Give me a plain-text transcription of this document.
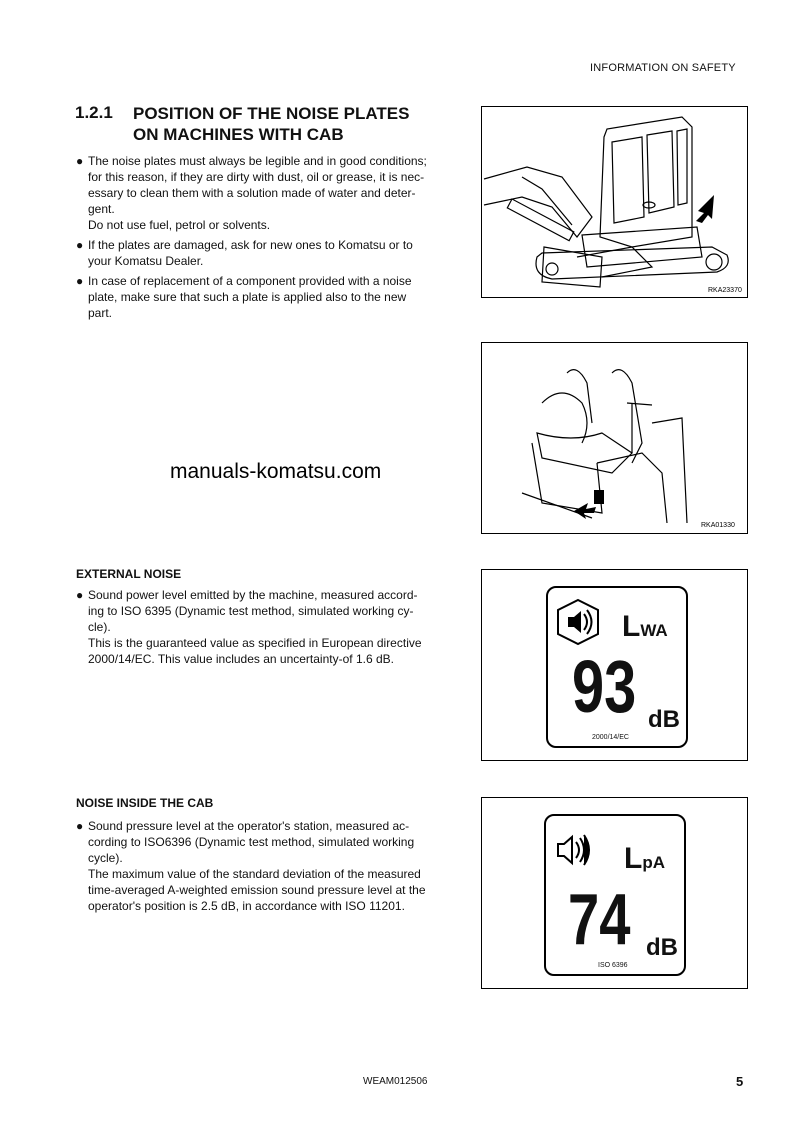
INFORMATION ON SAFETY
1.2.1 POSITION OF THE NOISE PLATES
ON MACHINES WITH CAB

● The noise plates must always be legible and in good conditions;
for this reason, if they are dirty with dust, oil or grease, it is nec-
essary to clean them with a solution made of water and deter-
gent.
Do not use fuel, petrol or solvents.

● If the plates are damaged, ask for new ones to Komatsu or to
your Komatsu Dealer.

● In case of replacement of a component provided with a noise
plate, make sure that such a plate is applied also to the new
part.

RKA23370
RKA01330
manuals-komatsu.com
EXTERNAL NOISE

● Sound power level emitted by the machine, measured accord-
ing to ISO 6395 (Dynamic test method, simulated working cy-
cle).
This is the guaranteed value as specified in European directive
2000/14/EC. This value includes an uncertainty-of 1.6 dB.

LWA
93 dB
2000/14/EC
NOISE INSIDE THE CAB

● Sound pressure level at the operator's station, measured ac-
cording to ISO6396 (Dynamic test method, simulated working
cycle).
The maximum value of the standard deviation of the measured
time-averaged A-weighted emission sound pressure level at the
operator's position is 2.5 dB, in accordance with ISO 11201.

LpA
74 dB
ISO 6396
WEAM012506	5
